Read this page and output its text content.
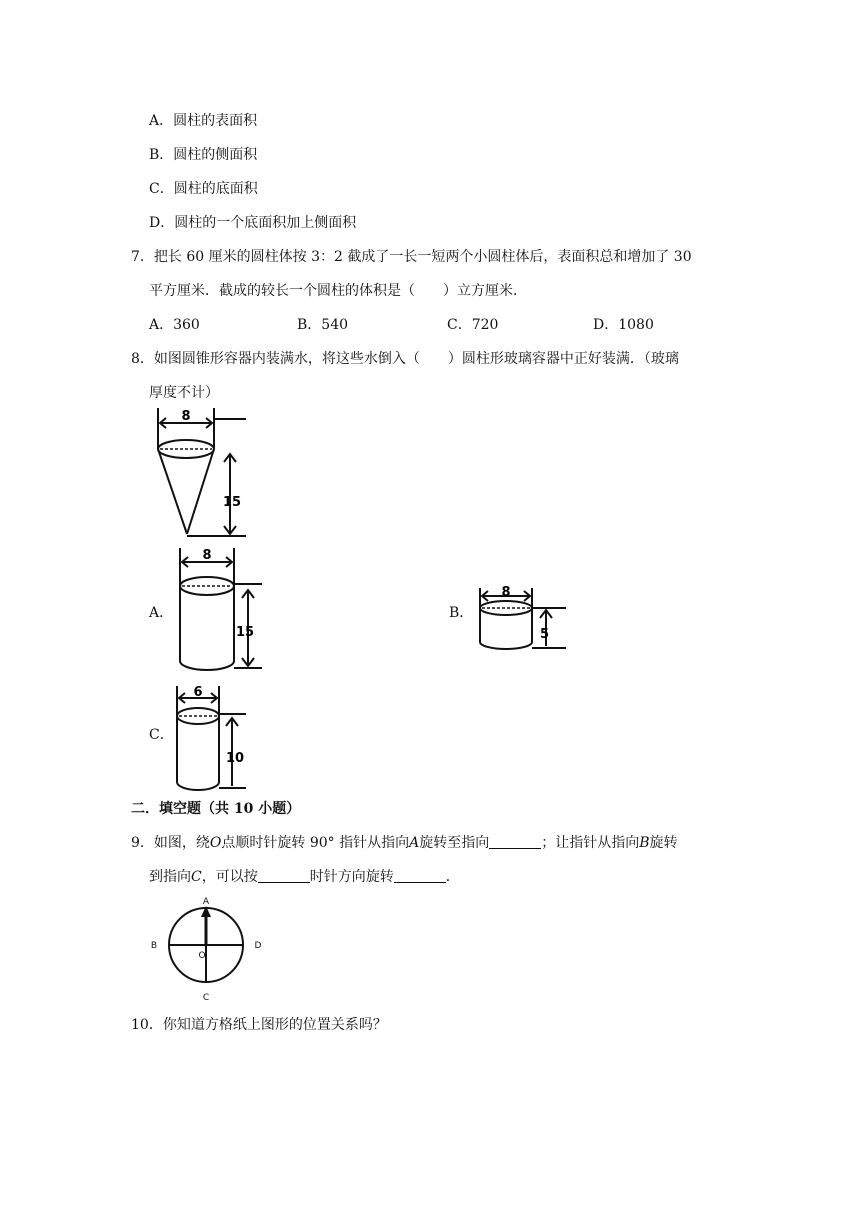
A．圆柱的表面积
B．圆柱的侧面积
C．圆柱的底面积
D．圆柱的一个底面积加上侧面积
7．把长 60 厘米的圆柱体按 3：2 截成了一长一短两个小圆柱体后，表面积总和增加了 30
平方厘米．截成的较长一个圆柱的体积是（　　）立方厘米．
A．360	B．540	C．720	D．1080
8．如图圆锥形容器内装满水，将这些水倒入（　　）圆柱形玻璃容器中正好装满．（玻璃
厚度不计）
8
15
A．
8
15
B．
8
5
C．
6
10
二．填空题（共 10 小题）
9．如图，绕O点顺时针旋转 90° 指针从指向A旋转至指向	；让指针从指向B旋转
到指向C，可以按	时针方向旋转	．
A
B
C
D
O
10．你知道方格纸上图形的位置关系吗？
